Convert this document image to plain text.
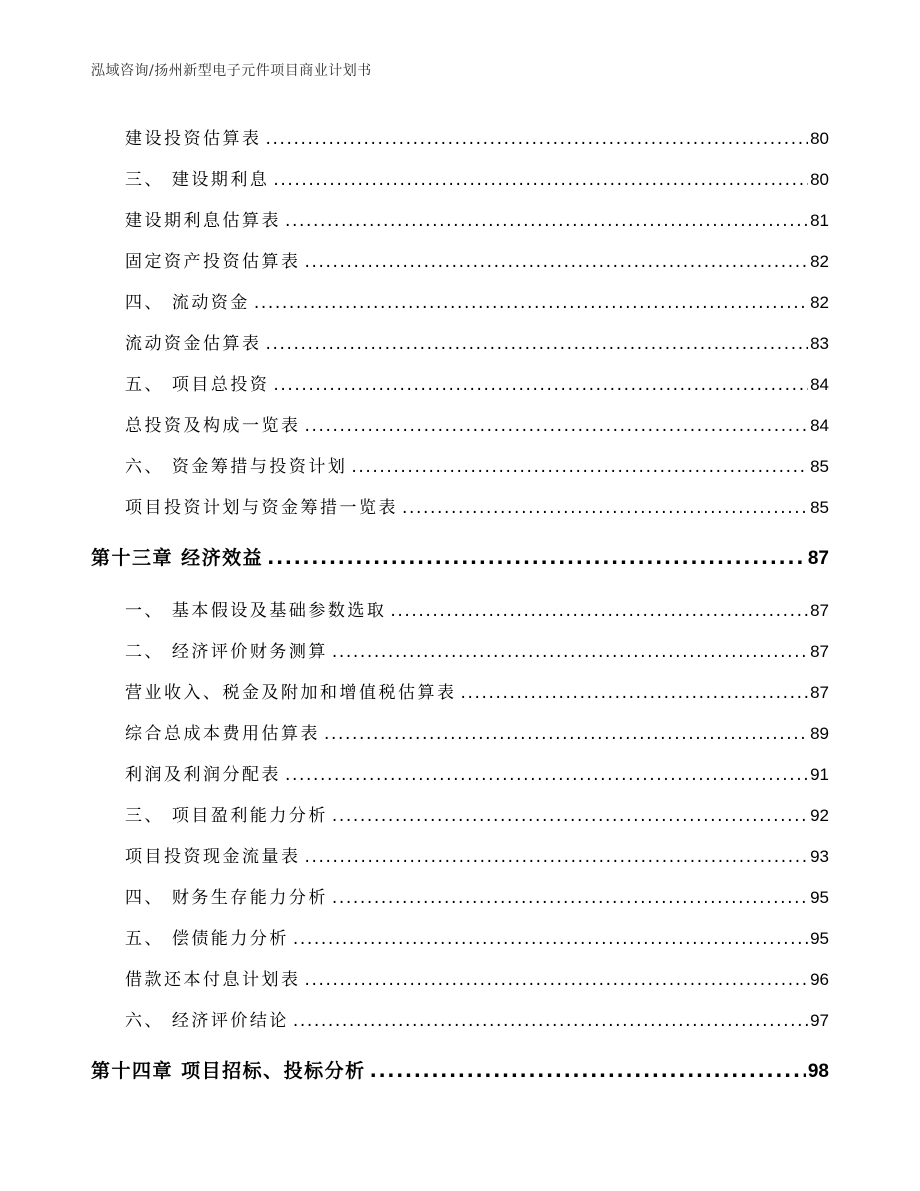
泓域咨询/扬州新型电子元件项目商业计划书
建设投资估算表 .....	80
三、 建设期利息 .....	80
建设期利息估算表 .....	81
固定资产投资估算表 .....	82
四、 流动资金 .....	82
流动资金估算表 .....	83
五、 项目总投资 .....	84
总投资及构成一览表 .....	84
六、 资金筹措与投资计划 .....	85
项目投资计划与资金筹措一览表 .....	85
第十三章 经济效益 .....	87
一、 基本假设及基础参数选取 .....	87
二、 经济评价财务测算 .....	87
营业收入、税金及附加和增值税估算表 .....	87
综合总成本费用估算表 .....	89
利润及利润分配表 .....	91
三、 项目盈利能力分析 .....	92
项目投资现金流量表 .....	93
四、 财务生存能力分析 .....	95
五、 偿债能力分析 .....	95
借款还本付息计划表 .....	96
六、 经济评价结论 .....	97
第十四章 项目招标、投标分析 .....	98
